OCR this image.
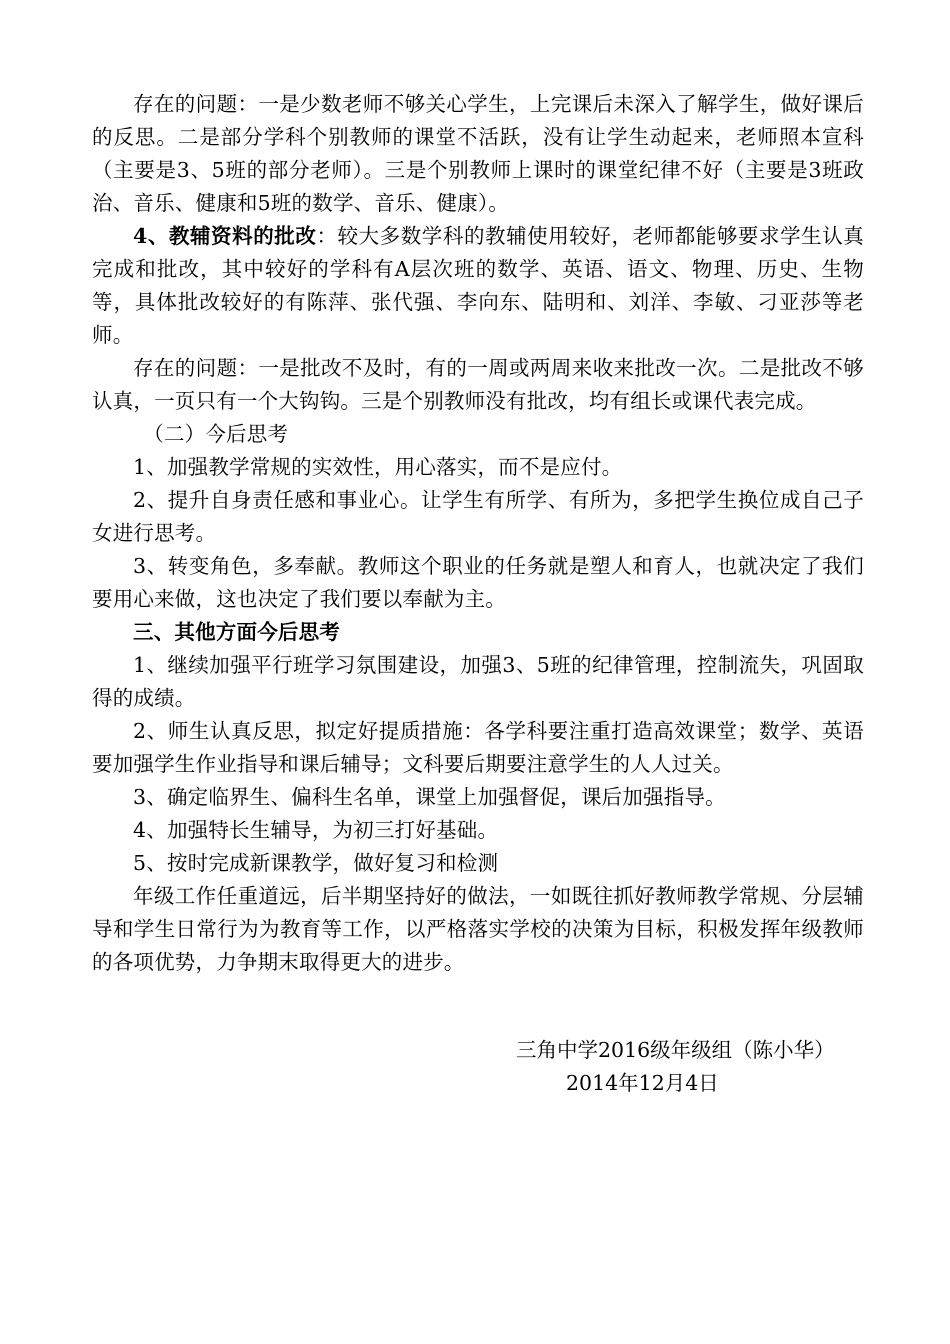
存在的问题：一是少数老师不够关心学生，上完课后未深入了解学生，做好课后的反思。二是部分学科个别教师的课堂不活跃，没有让学生动起来，老师照本宣科（主要是3、5班的部分老师）。三是个别教师上课时的课堂纪律不好（主要是3班政治、音乐、健康和5班的数学、音乐、健康）。

4、教辅资料的批改：较大多数学科的教辅使用较好，老师都能够要求学生认真完成和批改，其中较好的学科有A层次班的数学、英语、语文、物理、历史、生物等，具体批改较好的有陈萍、张代强、李向东、陆明和、刘洋、李敏、刁亚莎等老师。

存在的问题：一是批改不及时，有的一周或两周来收来批改一次。二是批改不够认真，一页只有一个大钩钩。三是个别教师没有批改，均有组长或课代表完成。

（二）今后思考

1、加强教学常规的实效性，用心落实，而不是应付。

2、提升自身责任感和事业心。让学生有所学、有所为，多把学生换位成自己子女进行思考。

3、转变角色，多奉献。教师这个职业的任务就是塑人和育人，也就决定了我们要用心来做，这也决定了我们要以奉献为主。

三、其他方面今后思考

1、继续加强平行班学习氛围建设，加强3、5班的纪律管理，控制流失，巩固取得的成绩。

2、师生认真反思，拟定好提质措施：各学科要注重打造高效课堂；数学、英语要加强学生作业指导和课后辅导；文科要后期要注意学生的人人过关。

3、确定临界生、偏科生名单，课堂上加强督促，课后加强指导。

4、加强特长生辅导，为初三打好基础。

5、按时完成新课教学，做好复习和检测

年级工作任重道远，后半期坚持好的做法，一如既往抓好教师教学常规、分层辅导和学生日常行为为教育等工作，以严格落实学校的决策为目标，积极发挥年级教师的各项优势，力争期末取得更大的进步。

三角中学2016级年级组（陈小华）

2014年12月4日
